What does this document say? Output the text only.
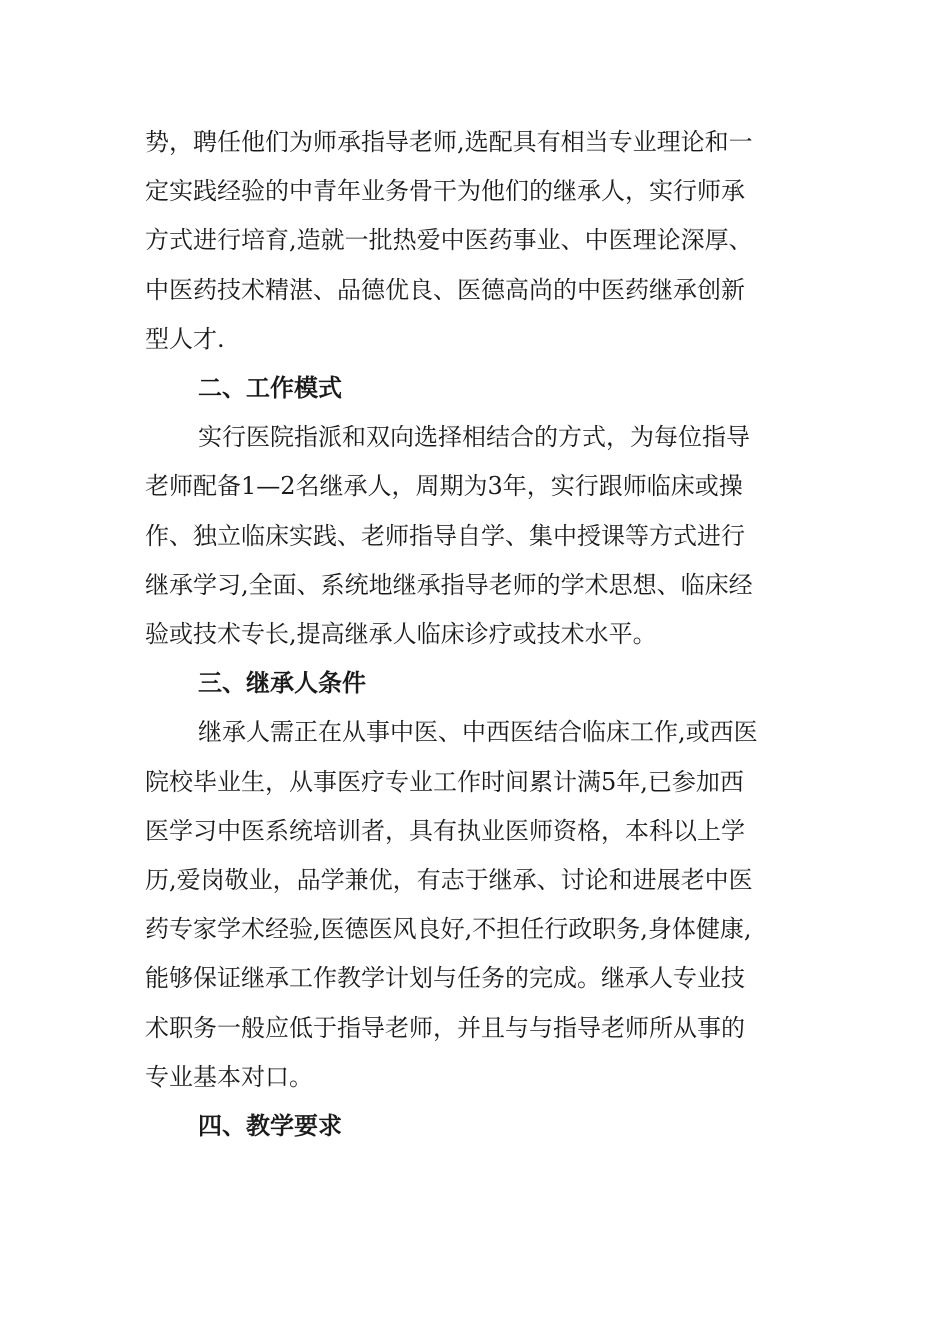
势，聘任他们为师承指导老师,选配具有相当专业理论和一
定实践经验的中青年业务骨干为他们的继承人，实行师承
方式进行培育,造就一批热爱中医药事业、中医理论深厚、
中医药技术精湛、品德优良、医德高尚的中医药继承创新
型人才.
二、工作模式
实行医院指派和双向选择相结合的方式，为每位指导
老师配备1—2名继承人，周期为3年，实行跟师临床或操
作、独立临床实践、老师指导自学、集中授课等方式进行
继承学习,全面、系统地继承指导老师的学术思想、临床经
验或技术专长,提高继承人临床诊疗或技术水平。
三、继承人条件
继承人需正在从事中医、中西医结合临床工作,或西医
院校毕业生，从事医疗专业工作时间累计满5年,已参加西
医学习中医系统培训者，具有执业医师资格，本科以上学
历,爱岗敬业，品学兼优，有志于继承、讨论和进展老中医
药专家学术经验,医德医风良好,不担任行政职务,身体健康,
能够保证继承工作教学计划与任务的完成。继承人专业技
术职务一般应低于指导老师，并且与与指导老师所从事的
专业基本对口。
四、教学要求
